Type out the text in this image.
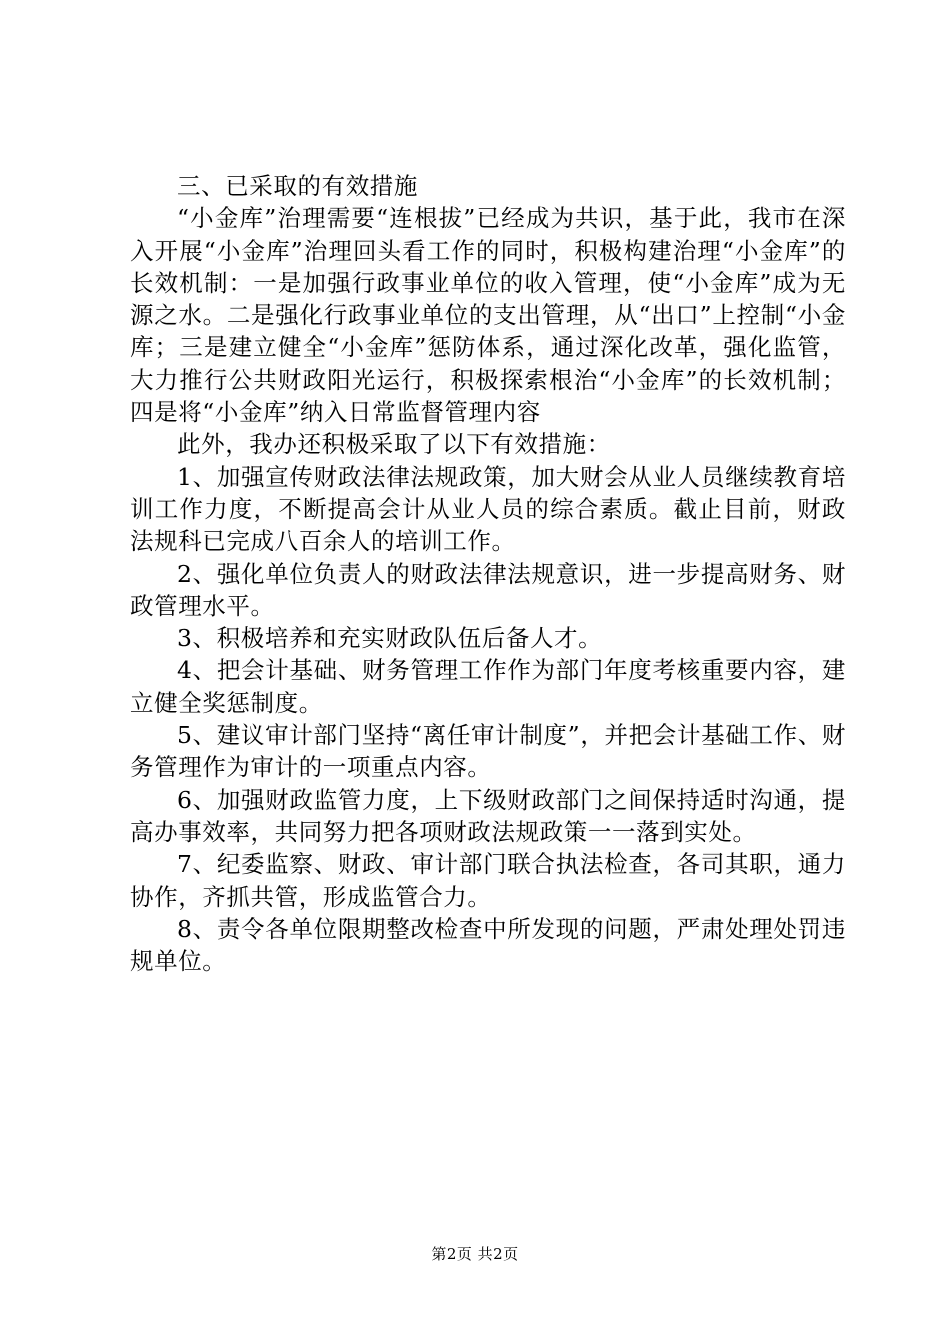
三、已采取的有效措施

“小金库”治理需要“连根拔”已经成为共识，基于此，我市在深入开展“小金库”治理回头看工作的同时，积极构建治理“小金库”的长效机制：一是加强行政事业单位的收入管理，使“小金库”成为无源之水。二是强化行政事业单位的支出管理，从“出口”上控制“小金库；三是建立健全“小金库”惩防体系，通过深化改革，强化监管，大力推行公共财政阳光运行，积极探索根治“小金库”的长效机制；四是将“小金库”纳入日常监督管理内容

此外，我办还积极采取了以下有效措施：

1、加强宣传财政法律法规政策，加大财会从业人员继续教育培训工作力度，不断提高会计从业人员的综合素质。截止目前，财政法规科已完成八百余人的培训工作。

2、强化单位负责人的财政法律法规意识，进一步提高财务、财政管理水平。

3、积极培养和充实财政队伍后备人才。

4、把会计基础、财务管理工作作为部门年度考核重要内容，建立健全奖惩制度。

5、建议审计部门坚持“离任审计制度”，并把会计基础工作、财务管理作为审计的一项重点内容。

6、加强财政监管力度，上下级财政部门之间保持适时沟通，提高办事效率，共同努力把各项财政法规政策一一落到实处。

7、纪委监察、财政、审计部门联合执法检查，各司其职，通力协作，齐抓共管，形成监管合力。

8、责令各单位限期整改检查中所发现的问题，严肃处理处罚违规单位。

第2页 共2页
